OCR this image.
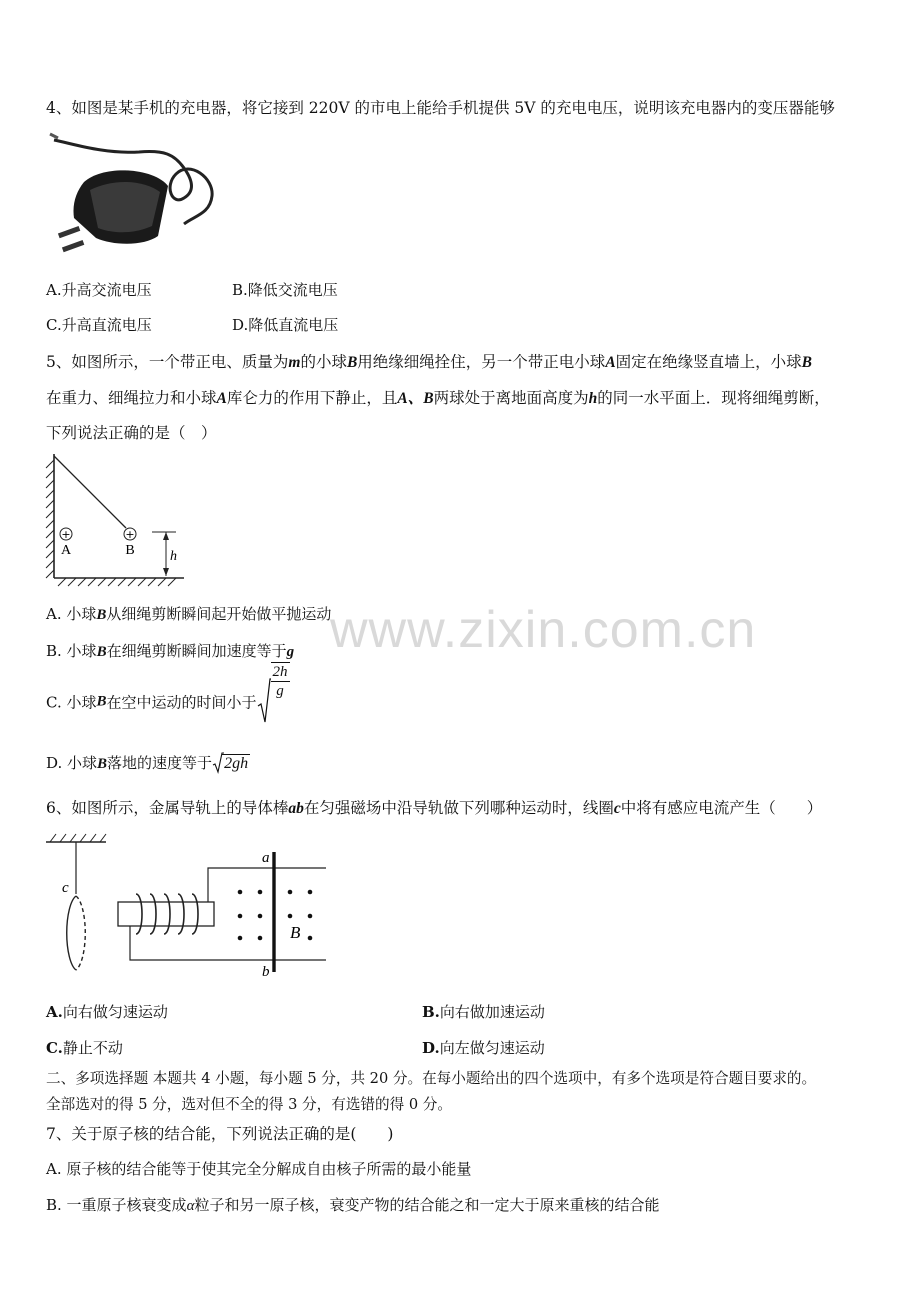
4、如图是某手机的充电器，将它接到 220V 的市电上能给手机提供 5V 的充电电压，说明该充电器内的变压器能够
A.升高交流电压	B.降低交流电压
C.升高直流电压	D.降低直流电压
5、如图所示，一个带正电、质量为m的小球B用绝缘细绳拴住，另一个带正电小球A固定在绝缘竖直墙上，小球B
在重力、细绳拉力和小球A库仑力的作用下静止，且A、B两球处于离地面高度为h的同一水平面上．现将细绳剪断，
下列说法正确的是（　）
+
A
+
B	h
A. 小球B从细绳剪断瞬间起开始做平抛运动
B. 小球B在细绳剪断瞬间加速度等于g
C. 小球B在空中运动的时间小于
$\frac{2h}{g}$
D. 小球B落地的速度等于 2gh
6、如图所示，金属导轨上的导体棒ab在匀强磁场中沿导轨做下列哪种运动时，线圈c中将有感应电流产生（　　）
c
a
b
B
A.向右做匀速运动	B.向右做加速运动
C.静止不动	D.向左做匀速运动
二、多项选择题 本题共 4 小题，每小题 5 分，共 20 分。在每小题给出的四个选项中，有多个选项是符合题目要求的。
全部选对的得 5 分，选对但不全的得 3 分，有选错的得 0 分。
7、关于原子核的结合能，下列说法正确的是(　　)
A. 原子核的结合能等于使其完全分解成自由核子所需的最小能量
B. 一重原子核衰变成α粒子和另一原子核，衰变产物的结合能之和一定大于原来重核的结合能
www.zixin.com.cn
